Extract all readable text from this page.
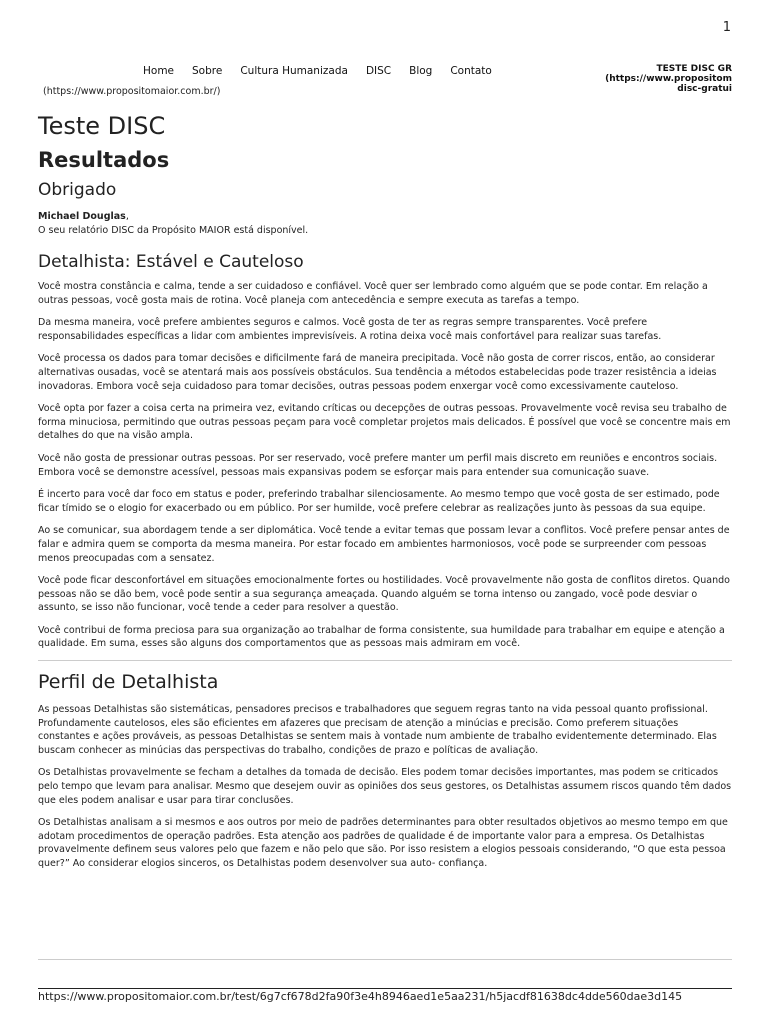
1
Home Sobre Cultura Humanizada DISC Blog Contato
(https://www.propositomaior.com.br/)
TESTE DISC GR
(https://www.propositom
disc-gratui
Teste DISC
Resultados
Obrigado
Michael Douglas,
O seu relatório DISC da Propósito MAIOR está disponível.
Detalhista: Estável e Cauteloso

Você mostra constância e calma, tende a ser cuidadoso e confiável. Você quer ser lembrado como alguém que se pode contar. Em relação a outras pessoas, você gosta mais de rotina. Você planeja com antecedência e sempre executa as tarefas a tempo.

Da mesma maneira, você prefere ambientes seguros e calmos. Você gosta de ter as regras sempre transparentes. Você prefere responsabilidades específicas a lidar com ambientes imprevisíveis. A rotina deixa você mais confortável para realizar suas tarefas.

Você processa os dados para tomar decisões e dificilmente fará de maneira precipitada. Você não gosta de correr riscos, então, ao considerar alternativas ousadas, você se atentará mais aos possíveis obstáculos. Sua tendência a métodos estabelecidas pode trazer resistência a ideias inovadoras. Embora você seja cuidadoso para tomar decisões, outras pessoas podem enxergar você como excessivamente cauteloso.

Você opta por fazer a coisa certa na primeira vez, evitando críticas ou decepções de outras pessoas. Provavelmente você revisa seu trabalho de forma minuciosa, permitindo que outras pessoas peçam para você completar projetos mais delicados. É possível que você se concentre mais em detalhes do que na visão ampla.

Você não gosta de pressionar outras pessoas. Por ser reservado, você prefere manter um perfil mais discreto em reuniões e encontros sociais. Embora você se demonstre acessível, pessoas mais expansivas podem se esforçar mais para entender sua comunicação suave.

É incerto para você dar foco em status e poder, preferindo trabalhar silenciosamente. Ao mesmo tempo que você gosta de ser estimado, pode ficar tímido se o elogio for exacerbado ou em público. Por ser humilde, você prefere celebrar as realizações junto às pessoas da sua equipe.

Ao se comunicar, sua abordagem tende a ser diplomática. Você tende a evitar temas que possam levar a conflitos. Você prefere pensar antes de falar e admira quem se comporta da mesma maneira. Por estar focado em ambientes harmoniosos, você pode se surpreender com pessoas menos preocupadas com a sensatez.

Você pode ficar desconfortável em situações emocionalmente fortes ou hostilidades. Você provavelmente não gosta de conflitos diretos. Quando pessoas não se dão bem, você pode sentir a sua segurança ameaçada. Quando alguém se torna intenso ou zangado, você pode desviar o assunto, se isso não funcionar, você tende a ceder para resolver a questão.

Você contribui de forma preciosa para sua organização ao trabalhar de forma consistente, sua humildade para trabalhar em equipe e atenção a qualidade. Em suma, esses são alguns dos comportamentos que as pessoas mais admiram em você.

Perfil de Detalhista

As pessoas Detalhistas são sistemáticas, pensadores precisos e trabalhadores que seguem regras tanto na vida pessoal quanto profissional. Profundamente cautelosos, eles são eficientes em afazeres que precisam de atenção a minúcias e precisão. Como preferem situações constantes e ações prováveis, as pessoas Detalhistas se sentem mais à vontade num ambiente de trabalho evidentemente determinado. Elas buscam conhecer as minúcias das perspectivas do trabalho, condições de prazo e políticas de avaliação.

Os Detalhistas provavelmente se fecham a detalhes da tomada de decisão. Eles podem tomar decisões importantes, mas podem se criticados pelo tempo que levam para analisar. Mesmo que desejem ouvir as opiniões dos seus gestores, os Detalhistas assumem riscos quando têm dados que eles podem analisar e usar para tirar conclusões.

Os Detalhistas analisam a si mesmos e aos outros por meio de padrões determinantes para obter resultados objetivos ao mesmo tempo em que adotam procedimentos de operação padrões. Esta atenção aos padrões de qualidade é de importante valor para a empresa. Os Detalhistas provavelmente definem seus valores pelo que fazem e não pelo que são. Por isso resistem a elogios pessoais considerando, “O que esta pessoa quer?” Ao considerar elogios sinceros, os Detalhistas podem desenvolver sua auto- confiança.

https://www.propositomaior.com.br/test/6g7cf678d2fa90f3e4h8946aed1e5aa231/h5jacdf81638dc4dde560dae3d145
